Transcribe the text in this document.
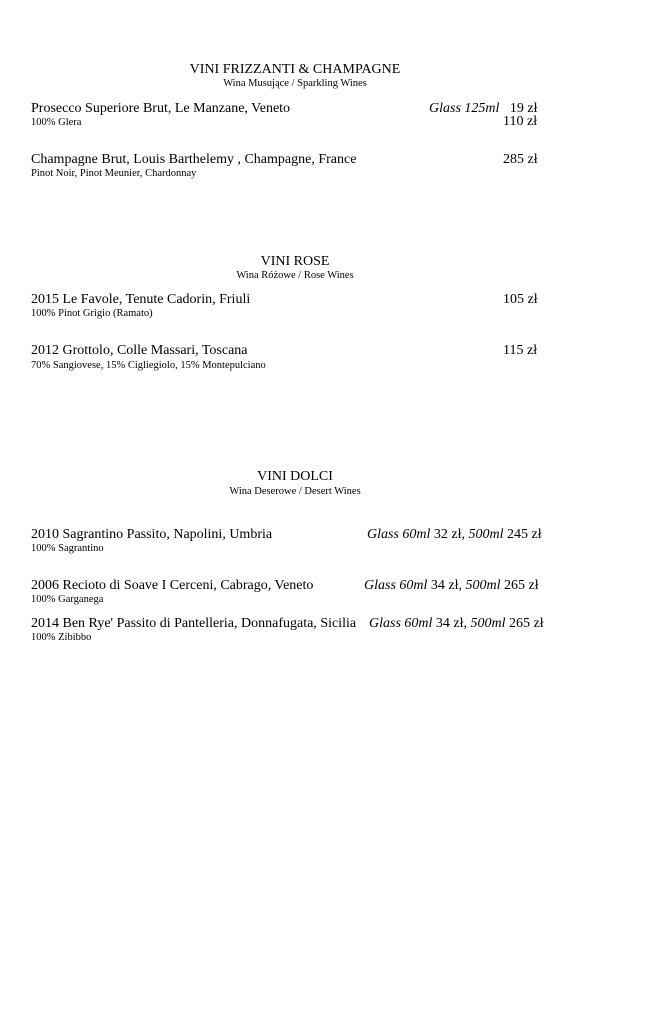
VINI FRIZZANTI & CHAMPAGNE
Wina Musujące / Sparkling Wines
Prosecco Superiore Brut, Le Manzane, Veneto	Glass 125ml 19 zł
100% Glera	110 zł
Champagne Brut, Louis Barthelemy , Champagne, France	285 zł
Pinot Noir, Pinot Meunier, Chardonnay
VINI ROSE
Wina Różowe / Rose Wines
2015 Le Favole, Tenute Cadorin, Friuli	105 zł
100% Pinot Grigio (Ramato)
2012 Grottolo, Colle Massari, Toscana	115 zł
70% Sangiovese, 15% Cigliegiolo, 15% Montepulciano
VINI DOLCI
Wina Deserowe / Desert Wines
2010 Sagrantino Passito, Napolini, Umbria	Glass 60ml 32 zł, 500ml 245 zł
100% Sagrantino
2006 Recioto di Soave I Cerceni, Cabrago, Veneto	Glass 60ml 34 zł, 500ml 265 zł
100% Garganega
2014 Ben Rye' Passito di Pantelleria, Donnafugata, Sicilia Glass 60ml 34 zł, 500ml 265 zł
100% Zibibbo
